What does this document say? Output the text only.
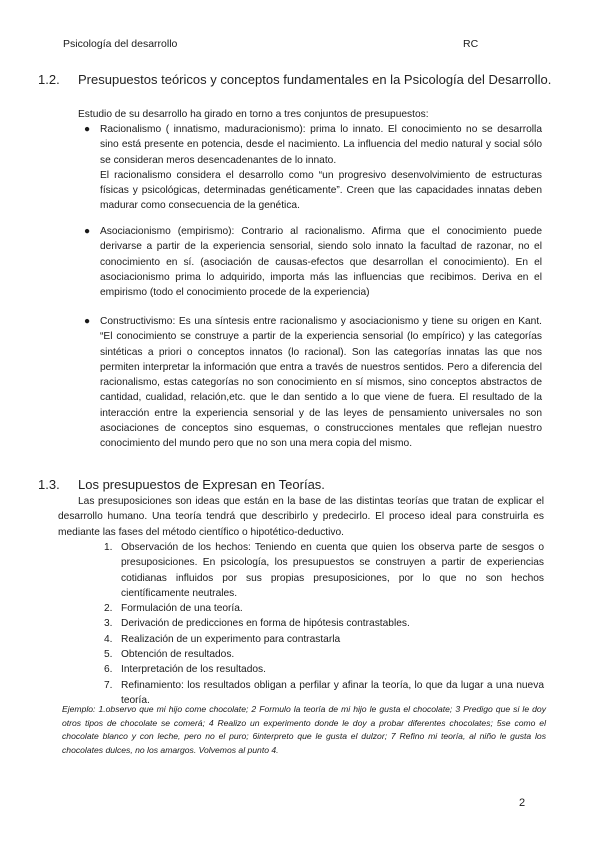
Psicología del desarrollo	RC
1.2. Presupuestos teóricos y conceptos fundamentales en la Psicología del Desarrollo.
Estudio de su desarrollo ha girado en torno a tres conjuntos de presupuestos:
● Racionalismo ( innatismo, maduracionismo): prima lo innato. El conocimiento no se desarrolla sino está presente en potencia, desde el nacimiento. La influencia del medio natural y social sólo se consideran meros desencadenantes de lo innato.
El racionalismo considera el desarrollo como “un progresivo desenvolvimiento de estructuras físicas y psicológicas, determinadas genéticamente”. Creen que las capacidades innatas deben madurar como consecuencia de la genética.
● Asociacionismo (empirismo): Contrario al racionalismo. Afirma que el conocimiento puede derivarse a partir de la experiencia sensorial, siendo solo innato la facultad de razonar, no el conocimiento en sí. (asociación de causas-efectos que desarrollan el conocimiento). En el asociacionismo prima lo adquirido, importa más las influencias que recibimos. Deriva en el empirismo (todo el conocimiento procede de la experiencia)
● Constructivismo: Es una síntesis entre racionalismo y asociacionismo y tiene su origen en Kant. “El conocimiento se construye a partir de la experiencia sensorial (lo empírico) y las categorías sintéticas a priori o conceptos innatos (lo racional). Son las categorías innatas las que nos permiten interpretar la información que entra a través de nuestros sentidos. Pero a diferencia del racionalismo, estas categorías no son conocimiento en sí mismos, sino conceptos abstractos de cantidad, cualidad, relación,etc. que le dan sentido a lo que viene de fuera. El resultado de la interacción entre la experiencia sensorial y de las leyes de pensamiento universales no son asociaciones de conceptos sino esquemas, o construcciones mentales que reflejan nuestro conocimiento del mundo pero que no son una mera copia del mismo.
1.3. Los presupuestos de Expresan en Teorías.
Las presuposiciones son ideas que están en la base de las distintas teorías que tratan de explicar el desarrollo humano. Una teoría tendrá que describirlo y predecirlo. El proceso ideal para construirla es mediante las fases del método científico o hipotético-deductivo.
1. Observación de los hechos: Teniendo en cuenta que quien los observa parte de sesgos o presuposiciones. En psicología, los presupuestos se construyen a partir de experiencias cotidianas influidos por sus propias presuposiciones, por lo que no son hechos científicamente neutrales.
2. Formulación de una teoría.
3. Derivación de predicciones en forma de hipótesis contrastables.
4. Realización de un experimento para contrastarla
5. Obtención de resultados.
6. Interpretación de los resultados.
7. Refinamiento: los resultados obligan a perfilar y afinar la teoría, lo que da lugar a una nueva teoría.
Ejemplo: 1.observo que mi hijo come chocolate; 2 Formulo la teoría de mi hijo le gusta el chocolate; 3 Predigo que si le doy otros tipos de chocolate se comerá; 4 Realizo un experimento donde le doy a probar diferentes chocolates; 5se como el chocolate blanco y con leche, pero no el puro; 6interpreto que le gusta el dulzor; 7 Refino mi teoría, al niño le gusta los chocolates dulces, no los amargos. Volvemos al punto 4.
2
